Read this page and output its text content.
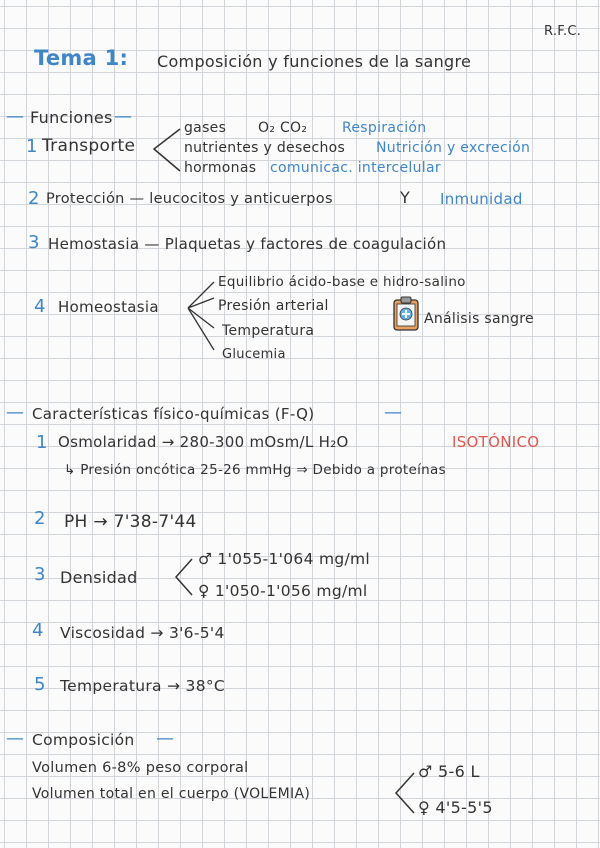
R.F.C.
Tema 1: Composición y funciones de la sangre
— Funciones —
1 Transporte
gases O₂ CO₂ Respiración
nutrientes y desechos Nutrición y excreción
hormonas comunicac. intercelular
2 Protección — leucocitos y anticuerpos	Y Inmunidad
3 Hemostasia — Plaquetas y factores de coagulación
4 Homeostasia
Equilibrio ácido-base e hidro-salino
Presión arterial
Temperatura
Glucemia
Análisis sangre
— Características físico-químicas (F-Q)	—
1 Osmolaridad → 280-300 mOsm/L H₂O	ISOTÓNICO
↳ Presión oncótica 25-26 mmHg ⇒ Debido a proteínas
2 PH → 7'38-7'44
3 Densidad
♂ 1'055-1'064 mg/ml
♀ 1'050-1'056 mg/ml
4 Viscosidad → 3'6-5'4
5 Temperatura → 38°C
— Composición —
Volumen 6-8% peso corporal
Volumen total en el cuerpo (VOLEMIA)
♂ 5-6 L
♀ 4'5-5'5
